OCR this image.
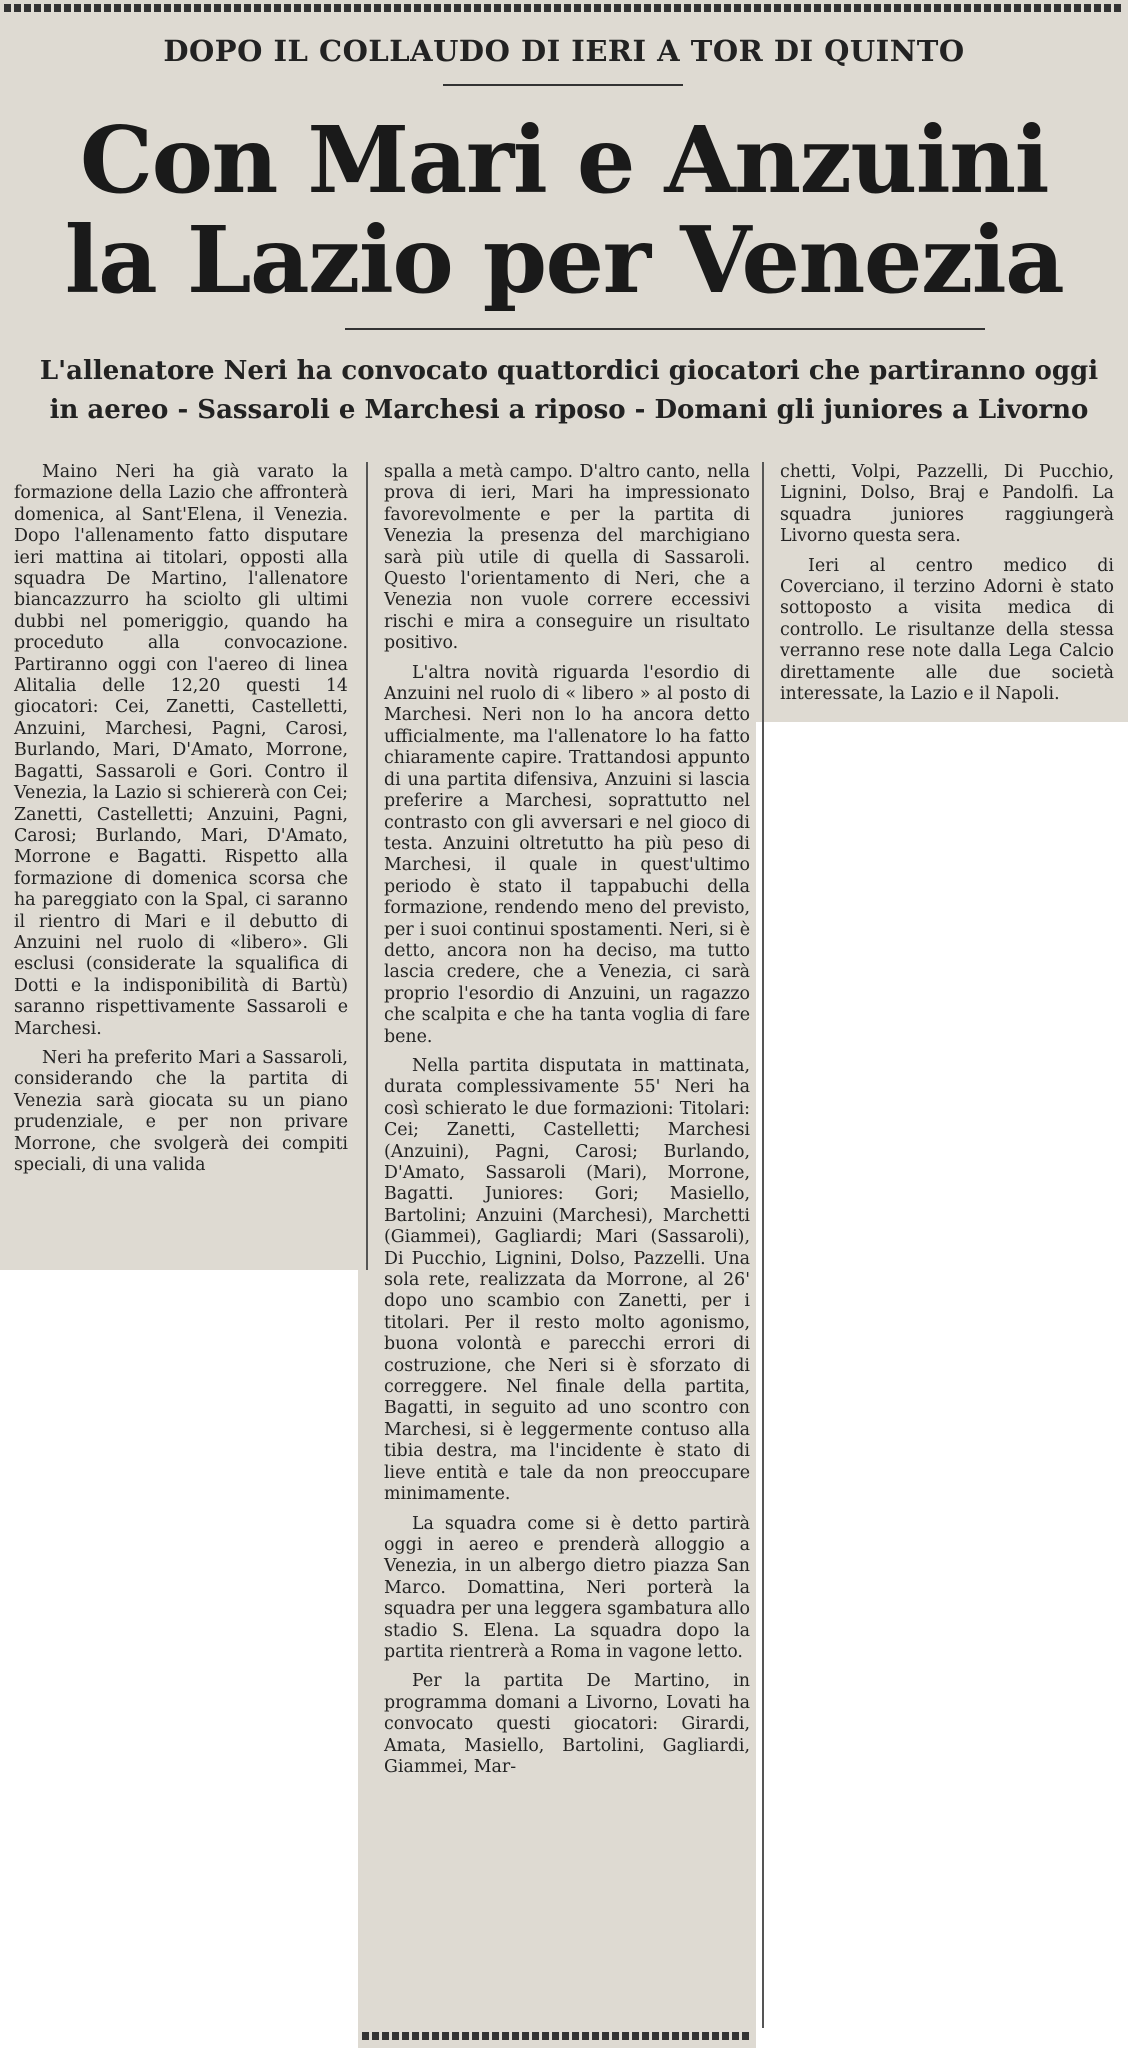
DOPO IL COLLAUDO DI IERI A TOR DI QUINTO
Con Mari e Anzuini
la Lazio per Venezia
L'allenatore Neri ha convocato quattordici giocatori che partiranno oggi
in aereo - Sassaroli e Marchesi a riposo - Domani gli juniores a Livorno

Maino Neri ha già varato la formazione della Lazio che affronterà domenica, al Sant'Elena, il Venezia. Dopo l'allenamento fatto disputare ieri mattina ai titolari, opposti alla squadra De Martino, l'allenatore biancazzurro ha sciolto gli ultimi dubbi nel pomeriggio, quando ha proceduto alla convocazione. Partiranno oggi con l'aereo di linea Alitalia delle 12,20 questi 14 giocatori: Cei, Zanetti, Castelletti, Anzuini, Marchesi, Pagni, Carosi, Burlando, Mari, D'Amato, Morrone, Bagatti, Sassaroli e Gori. Contro il Venezia, la Lazio si schiererà con Cei; Zanetti, Castelletti; Anzuini, Pagni, Carosi; Burlando, Mari, D'Amato, Morrone e Bagatti. Rispetto alla formazione di domenica scorsa che ha pareggiato con la Spal, ci saranno il rientro di Mari e il debutto di Anzuini nel ruolo di «libero». Gli esclusi (considerate la squalifica di Dotti e la indisponibilità di Bartù) saranno rispettivamente Sassaroli e Marchesi.

Neri ha preferito Mari a Sassaroli, considerando che la partita di Venezia sarà giocata su un piano prudenziale, e per non privare Morrone, che svolgerà dei compiti speciali, di una valida

spalla a metà campo. D'altro canto, nella prova di ieri, Mari ha impressionato favorevolmente e per la partita di Venezia la presenza del marchigiano sarà più utile di quella di Sassaroli. Questo l'orientamento di Neri, che a Venezia non vuole correre eccessivi rischi e mira a conseguire un risultato positivo.

L'altra novità riguarda l'esordio di Anzuini nel ruolo di « libero » al posto di Marchesi. Neri non lo ha ancora detto ufficialmente, ma l'allenatore lo ha fatto chiaramente capire. Trattandosi appunto di una partita difensiva, Anzuini si lascia preferire a Marchesi, soprattutto nel contrasto con gli avversari e nel gioco di testa. Anzuini oltretutto ha più peso di Marchesi, il quale in quest'ultimo periodo è stato il tappabuchi della formazione, rendendo meno del previsto, per i suoi continui spostamenti. Neri, si è detto, ancora non ha deciso, ma tutto lascia credere, che a Venezia, ci sarà proprio l'esordio di Anzuini, un ragazzo che scalpita e che ha tanta voglia di fare bene.

Nella partita disputata in mattinata, durata complessivamente 55' Neri ha così schierato le due formazioni: Titolari: Cei; Zanetti, Castelletti; Marchesi (Anzuini), Pagni, Carosi; Burlando, D'Amato, Sassaroli (Mari), Morrone, Bagatti. Juniores: Gori; Masiello, Bartolini; Anzuini (Marchesi), Marchetti (Giammei), Gagliardi; Mari (Sassaroli), Di Pucchio, Lignini, Dolso, Pazzelli. Una sola rete, realizzata da Morrone, al 26' dopo uno scambio con Zanetti, per i titolari. Per il resto molto agonismo, buona volontà e parecchi errori di costruzione, che Neri si è sforzato di correggere. Nel finale della partita, Bagatti, in seguito ad uno scontro con Marchesi, si è leggermente contuso alla tibia destra, ma l'incidente è stato di lieve entità e tale da non preoccupare minimamente.

La squadra come si è detto partirà oggi in aereo e prenderà alloggio a Venezia, in un albergo dietro piazza San Marco. Domattina, Neri porterà la squadra per una leggera sgambatura allo stadio S. Elena. La squadra dopo la partita rientrerà a Roma in vagone letto.

Per la partita De Martino, in programma domani a Livorno, Lovati ha convocato questi giocatori: Girardi, Amata, Masiello, Bartolini, Gagliardi, Giammei, Mar-

chetti, Volpi, Pazzelli, Di Pucchio, Lignini, Dolso, Braj e Pandolfi. La squadra juniores raggiungerà Livorno questa sera.

Ieri al centro medico di Coverciano, il terzino Adorni è stato sottoposto a visita medica di controllo. Le risultanze della stessa verranno rese note dalla Lega Calcio direttamente alle due società interessate, la Lazio e il Napoli.
